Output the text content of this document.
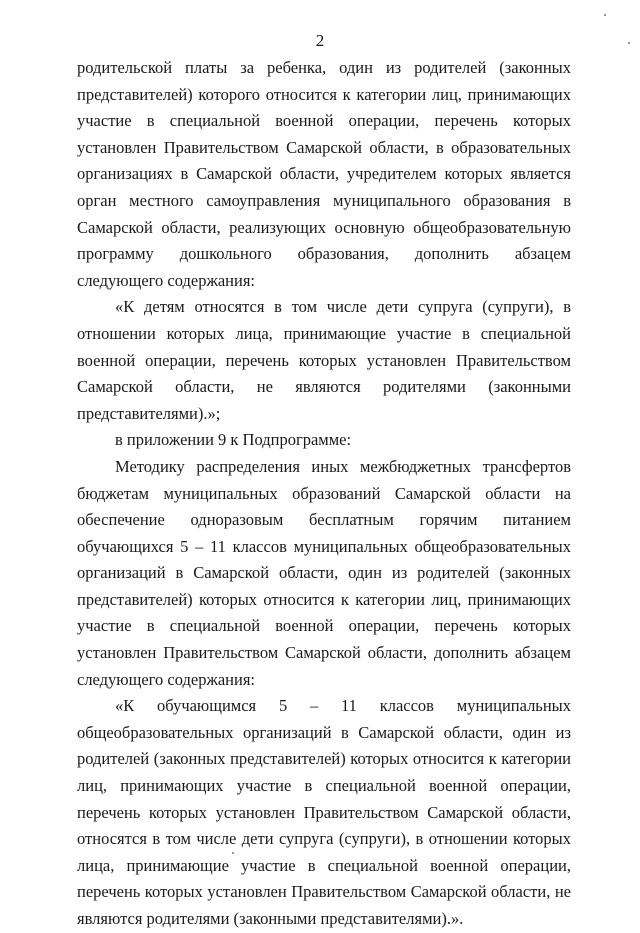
2

родительской платы за ребенка, один из родителей (законных представителей) которого относится к категории лиц, принимающих участие в специальной военной операции, перечень которых установлен Правительством Самарской области, в образовательных организациях в Самарской области, учредителем которых является орган местного самоуправления муниципального образования в Самарской области, реализующих основную общеобразовательную программу дошкольного образования, дополнить абзацем следующего содержания:

«К детям относятся в том числе дети супруга (супруги), в отношении которых лица, принимающие участие в специальной военной операции, перечень которых установлен Правительством Самарской области, не являются родителями (законными представителями).»;

в приложении 9 к Подпрограмме:

Методику распределения иных межбюджетных трансфертов бюджетам муниципальных образований Самарской области на обеспечение одноразовым бесплатным горячим питанием обучающихся 5 – 11 классов муниципальных общеобразовательных организаций в Самарской области, один из родителей (законных представителей) которых относится к категории лиц, принимающих участие в специальной военной операции, перечень которых установлен Правительством Самарской области, дополнить абзацем следующего содержания:

«К обучающимся 5 – 11 классов муниципальных общеобразовательных организаций в Самарской области, один из родителей (законных представителей) которых относится к категории лиц, принимающих участие в специальной военной операции, перечень которых установлен Правительством Самарской области, относятся в том числе дети супруга (супруги), в отношении которых лица, принимающие участие в специальной военной операции, перечень которых установлен Правительством Самарской области, не являются родителями (законными представителями).».
